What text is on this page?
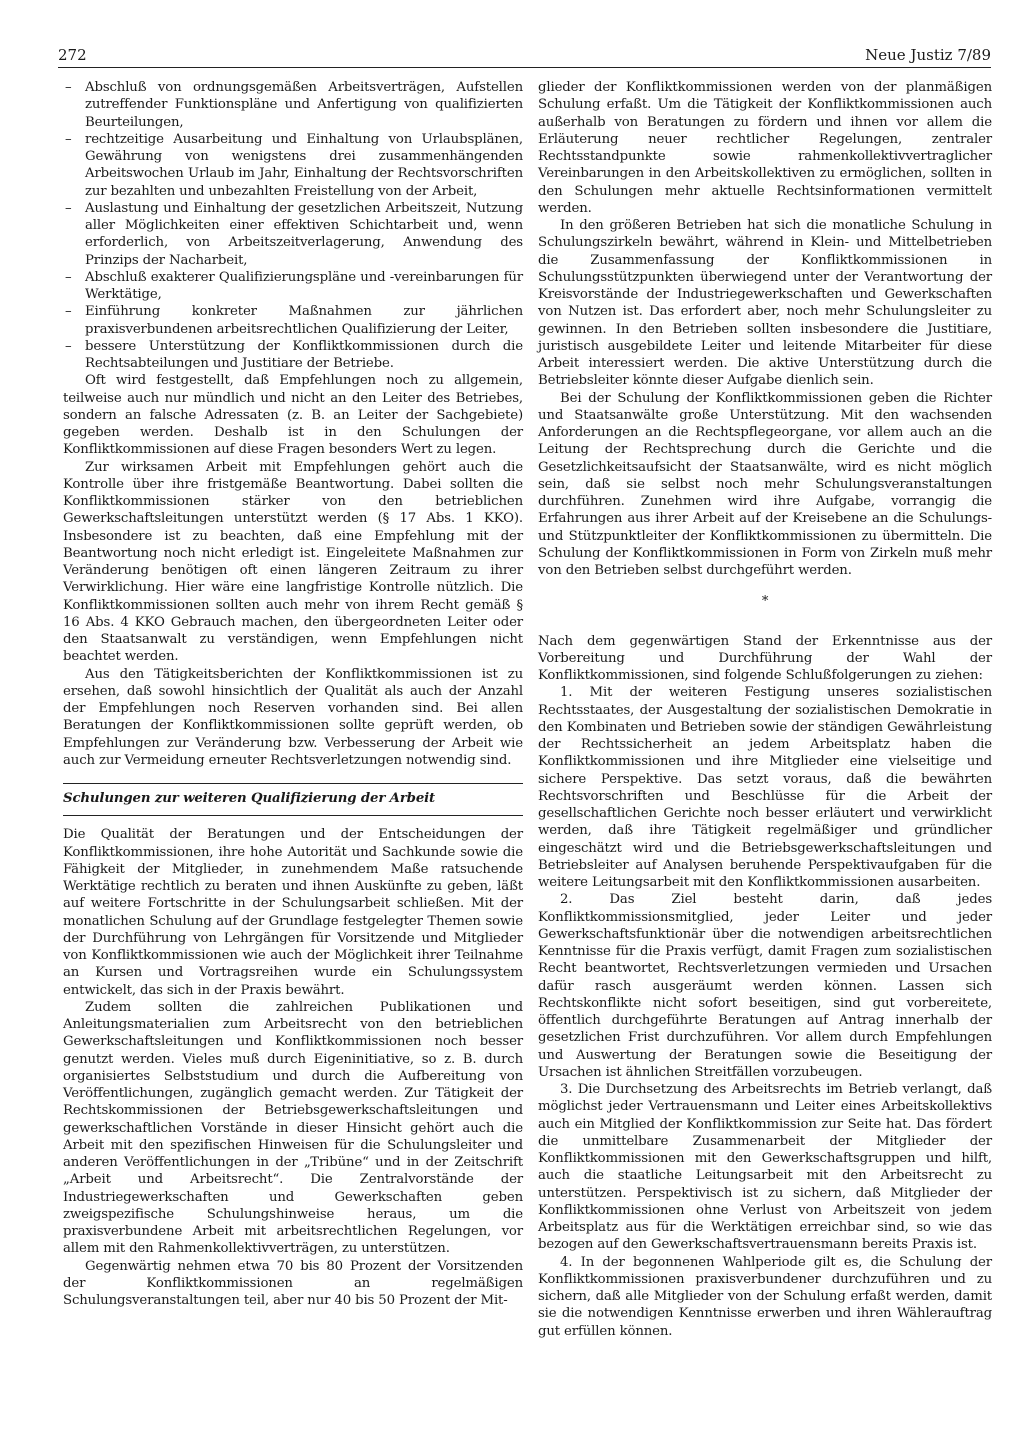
272	Neue Justiz 7/89
– Abschluß von ordnungsgemäßen Arbeitsverträgen, Aufstellen zutreffender Funktionspläne und Anfertigung von qualifizierten Beurteilungen,
– rechtzeitige Ausarbeitung und Einhaltung von Urlaubsplänen, Gewährung von wenigstens drei zusammenhängenden Arbeitswochen Urlaub im Jahr, Einhaltung der Rechtsvorschriften zur bezahlten und unbezahlten Freistellung von der Arbeit,
– Auslastung und Einhaltung der gesetzlichen Arbeitszeit, Nutzung aller Möglichkeiten einer effektiven Schichtarbeit und, wenn erforderlich, von Arbeitszeitverlagerung, Anwendung des Prinzips der Nacharbeit,
– Abschluß exakterer Qualifizierungspläne und -vereinbarungen für Werktätige,
– Einführung konkreter Maßnahmen zur jährlichen praxisverbundenen arbeitsrechtlichen Qualifizierung der Leiter,
– bessere Unterstützung der Konfliktkommissionen durch die Rechtsabteilungen und Justitiare der Betriebe.

Oft wird festgestellt, daß Empfehlungen noch zu allgemein, teilweise auch nur mündlich und nicht an den Leiter des Betriebes, sondern an falsche Adressaten (z. B. an Leiter der Sachgebiete) gegeben werden. Deshalb ist in den Schulungen der Konfliktkommissionen auf diese Fragen besonders Wert zu legen.

Zur wirksamen Arbeit mit Empfehlungen gehört auch die Kontrolle über ihre fristgemäße Beantwortung. Dabei sollten die Konfliktkommissionen stärker von den betrieblichen Gewerkschaftsleitungen unterstützt werden (§ 17 Abs. 1 KKO). Insbesondere ist zu beachten, daß eine Empfehlung mit der Beantwortung noch nicht erledigt ist. Eingeleitete Maßnahmen zur Veränderung benötigen oft einen längeren Zeitraum zu ihrer Verwirklichung. Hier wäre eine langfristige Kontrolle nützlich. Die Konfliktkommissionen sollten auch mehr von ihrem Recht gemäß § 16 Abs. 4 KKO Gebrauch machen, den übergeordneten Leiter oder den Staatsanwalt zu verständigen, wenn Empfehlungen nicht beachtet werden.

Aus den Tätigkeitsberichten der Konfliktkommissionen ist zu ersehen, daß sowohl hinsichtlich der Qualität als auch der Anzahl der Empfehlungen noch Reserven vorhanden sind. Bei allen Beratungen der Konfliktkommissionen sollte geprüft werden, ob Empfehlungen zur Veränderung bzw. Verbesserung der Arbeit wie auch zur Vermeidung erneuter Rechtsverletzungen notwendig sind.

Schulungen zur weiteren Qualifizierung der Arbeit

Die Qualität der Beratungen und der Entscheidungen der Konfliktkommissionen, ihre hohe Autorität und Sachkunde sowie die Fähigkeit der Mitglieder, in zunehmendem Maße ratsuchende Werktätige rechtlich zu beraten und ihnen Auskünfte zu geben, läßt auf weitere Fortschritte in der Schulungsarbeit schließen. Mit der monatlichen Schulung auf der Grundlage festgelegter Themen sowie der Durchführung von Lehrgängen für Vorsitzende und Mitglieder von Konfliktkommissionen wie auch der Möglichkeit ihrer Teilnahme an Kursen und Vortragsreihen wurde ein Schulungssystem entwickelt, das sich in der Praxis bewährt.

Zudem sollten die zahlreichen Publikationen und Anleitungsmaterialien zum Arbeitsrecht von den betrieblichen Gewerkschaftsleitungen und Konfliktkommissionen noch besser genutzt werden. Vieles muß durch Eigeninitiative, so z. B. durch organisiertes Selbststudium und durch die Aufbereitung von Veröffentlichungen, zugänglich gemacht werden. Zur Tätigkeit der Rechtskommissionen der Betriebsgewerkschaftsleitungen und gewerkschaftlichen Vorstände in dieser Hinsicht gehört auch die Arbeit mit den spezifischen Hinweisen für die Schulungsleiter und anderen Veröffentlichungen in der „Tribüne“ und in der Zeitschrift „Arbeit und Arbeitsrecht“. Die Zentralvorstände der Industriegewerkschaften und Gewerkschaften geben zweigspezifische Schulungshinweise heraus, um die praxisverbundene Arbeit mit arbeitsrechtlichen Regelungen, vor allem mit den Rahmenkollektivverträgen, zu unterstützen.

Gegenwärtig nehmen etwa 70 bis 80 Prozent der Vorsitzenden der Konfliktkommissionen an regelmäßigen Schulungsveranstaltungen teil, aber nur 40 bis 50 Prozent der Mit-

glieder der Konfliktkommissionen werden von der planmäßigen Schulung erfaßt. Um die Tätigkeit der Konfliktkommissionen auch außerhalb von Beratungen zu fördern und ihnen vor allem die Erläuterung neuer rechtlicher Regelungen, zentraler Rechtsstandpunkte sowie rahmenkollektivvertraglicher Vereinbarungen in den Arbeitskollektiven zu ermöglichen, sollten in den Schulungen mehr aktuelle Rechtsinformationen vermittelt werden.

In den größeren Betrieben hat sich die monatliche Schulung in Schulungszirkeln bewährt, während in Klein- und Mittelbetrieben die Zusammenfassung der Konfliktkommissionen in Schulungsstützpunkten überwiegend unter der Verantwortung der Kreisvorstände der Industriegewerkschaften und Gewerkschaften von Nutzen ist. Das erfordert aber, noch mehr Schulungsleiter zu gewinnen. In den Betrieben sollten insbesondere die Justitiare, juristisch ausgebildete Leiter und leitende Mitarbeiter für diese Arbeit interessiert werden. Die aktive Unterstützung durch die Betriebsleiter könnte dieser Aufgabe dienlich sein.

Bei der Schulung der Konfliktkommissionen geben die Richter und Staatsanwälte große Unterstützung. Mit den wachsenden Anforderungen an die Rechtspflegeorgane, vor allem auch an die Leitung der Rechtsprechung durch die Gerichte und die Gesetzlichkeitsaufsicht der Staatsanwälte, wird es nicht möglich sein, daß sie selbst noch mehr Schulungsveranstaltungen durchführen. Zunehmen wird ihre Aufgabe, vorrangig die Erfahrungen aus ihrer Arbeit auf der Kreisebene an die Schulungs- und Stützpunktleiter der Konfliktkommissionen zu übermitteln. Die Schulung der Konfliktkommissionen in Form von Zirkeln muß mehr von den Betrieben selbst durchgeführt werden.

*

Nach dem gegenwärtigen Stand der Erkenntnisse aus der Vorbereitung und Durchführung der Wahl der Konfliktkommissionen, sind folgende Schlußfolgerungen zu ziehen:

1. Mit der weiteren Festigung unseres sozialistischen Rechtsstaates, der Ausgestaltung der sozialistischen Demokratie in den Kombinaten und Betrieben sowie der ständigen Gewährleistung der Rechtssicherheit an jedem Arbeitsplatz haben die Konfliktkommissionen und ihre Mitglieder eine vielseitige und sichere Perspektive. Das setzt voraus, daß die bewährten Rechtsvorschriften und Beschlüsse für die Arbeit der gesellschaftlichen Gerichte noch besser erläutert und verwirklicht werden, daß ihre Tätigkeit regelmäßiger und gründlicher eingeschätzt wird und die Betriebsgewerkschaftsleitungen und Betriebsleiter auf Analysen beruhende Perspektivaufgaben für die weitere Leitungsarbeit mit den Konfliktkommissionen ausarbeiten.

2. Das Ziel besteht darin, daß jedes Konfliktkommissionsmitglied, jeder Leiter und jeder Gewerkschaftsfunktionär über die notwendigen arbeitsrechtlichen Kenntnisse für die Praxis verfügt, damit Fragen zum sozialistischen Recht beantwortet, Rechtsverletzungen vermieden und Ursachen dafür rasch ausgeräumt werden können. Lassen sich Rechtskonflikte nicht sofort beseitigen, sind gut vorbereitete, öffentlich durchgeführte Beratungen auf Antrag innerhalb der gesetzlichen Frist durchzuführen. Vor allem durch Empfehlungen und Auswertung der Beratungen sowie die Beseitigung der Ursachen ist ähnlichen Streitfällen vorzubeugen.

3. Die Durchsetzung des Arbeitsrechts im Betrieb verlangt, daß möglichst jeder Vertrauensmann und Leiter eines Arbeitskollektivs auch ein Mitglied der Konfliktkommission zur Seite hat. Das fördert die unmittelbare Zusammenarbeit der Mitglieder der Konfliktkommissionen mit den Gewerkschaftsgruppen und hilft, auch die staatliche Leitungsarbeit mit den Arbeitsrecht zu unterstützen. Perspektivisch ist zu sichern, daß Mitglieder der Konfliktkommissionen ohne Verlust von Arbeitszeit von jedem Arbeitsplatz aus für die Werktätigen erreichbar sind, so wie das bezogen auf den Gewerkschaftsvertrauensmann bereits Praxis ist.

4. In der begonnenen Wahlperiode gilt es, die Schulung der Konfliktkommissionen praxisverbundener durchzuführen und zu sichern, daß alle Mitglieder von der Schulung erfaßt werden, damit sie die notwendigen Kenntnisse erwerben und ihren Wählerauftrag gut erfüllen können.
